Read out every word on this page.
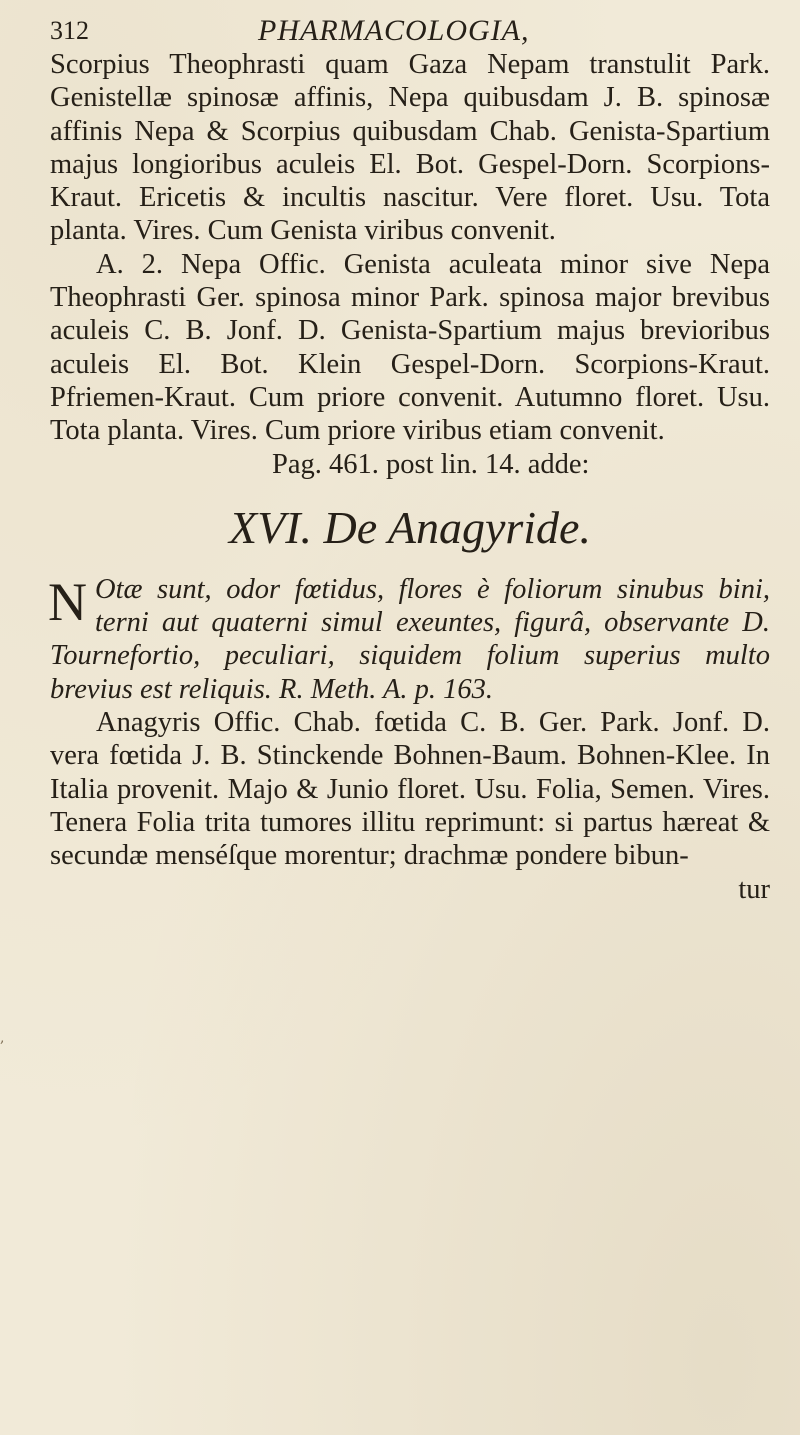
312	PHARMACOLOGIA,

Scorpius Theophrasti quam Gaza Nepam transtulit Park. Genistellæ spinosæ affinis, Nepa quibusdam J. B. spinosæ affinis Nepa & Scorpius quibusdam Chab. Genista-Spartium majus longioribus aculeis El. Bot. Gespel-Dorn. Scorpions-Kraut. Ericetis & incultis nascitur. Vere floret. Usu. Tota planta. Vires. Cum Genista viribus convenit.

A. 2. Nepa Offic. Genista aculeata minor sive Nepa Theophrasti Ger. spinosa minor Park. spinosa major brevibus aculeis C. B. Jonf. D. Genista-Spartium majus brevioribus aculeis El. Bot. Klein Gespel-Dorn. Scorpions-Kraut. Pfriemen-Kraut. Cum priore convenit. Autumno floret. Usu. Tota planta. Vires. Cum priore viribus etiam convenit.

Pag. 461. post lin. 14. adde:

XVI. De Anagyride.

N Otæ sunt, odor fœtidus, flores è foliorum sinubus bini, terni aut quaterni simul exeuntes, figurâ, observante D. Tournefortio, peculiari, siquidem folium superius multo brevius est reliquis. R. Meth. A. p. 163.

Anagyris Offic. Chab. fœtida C. B. Ger. Park. Jonf. D. vera fœtida J. B. Stinckende Bohnen-Baum. Bohnen-Klee. In Italia provenit. Majo & Junio floret. Usu. Folia, Semen. Vires. Tenera Folia trita tumores illitu reprimunt: si partus hæreat & secundæ menséſque morentur; drachmæ pondere bibun-

tur

,
